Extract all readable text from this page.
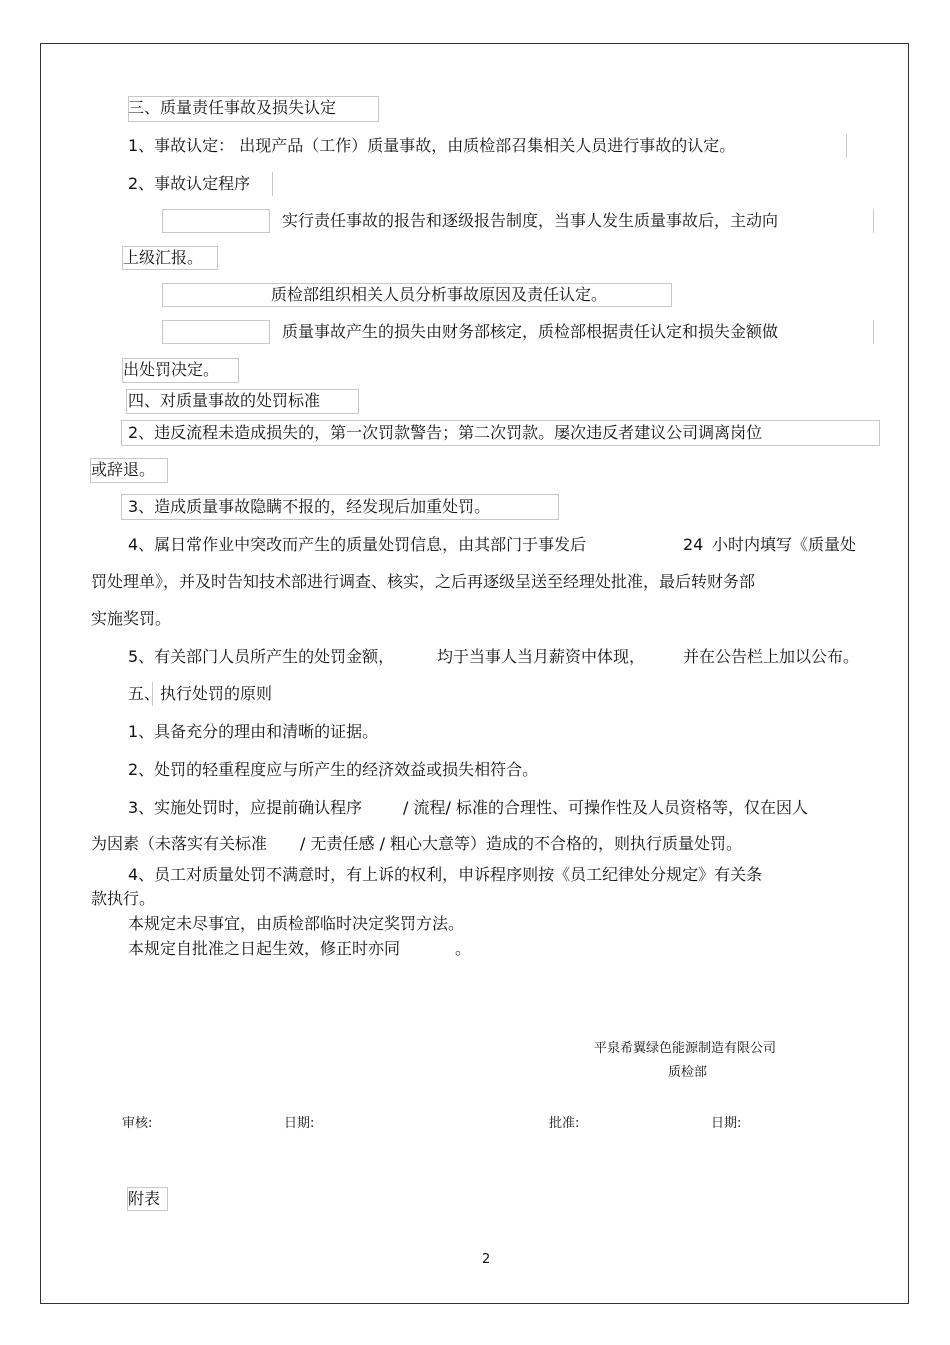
三、质量责任事故及损失认定
1、事故认定： 出现产品（工作）质量事故，由质检部召集相关人员进行事故的认定。
2、事故认定程序
实行责任事故的报告和逐级报告制度，当事人发生质量事故后，主动向
上级汇报。
质检部组织相关人员分析事故原因及责任认定。
质量事故产生的损失由财务部核定，质检部根据责任认定和损失金额做
出处罚决定。
四、对质量事故的处罚标准
2、违反流程未造成损失的，第一次罚款警告；第二次罚款。屡次违反者建议公司调离岗位
或辞退。
3、造成质量事故隐瞒不报的，经发现后加重处罚。
4、属日常作业中突改而产生的质量处罚信息，由其部门于事发后	24 小时内填写《质量处
罚处理单》，并及时告知技术部进行调查、核实，之后再逐级呈送至经理处批准，最后转财务部
实施奖罚。
5、有关部门人员所产生的处罚金额，	均于当事人当月薪资中体现， 并在公告栏上加以公布。
五、执行处罚的原则
1、具备充分的理由和清晰的证据。
2、处罚的轻重程度应与所产生的经济效益或损失相符合。
3、实施处罚时，应提前确认程序	/ 流程/ 标准的合理性、可操作性及人员资格等，仅在因人
为因素（未落实有关标准 / 无责任感 / 粗心大意等）造成的不合格的，则执行质量处罚。
4、员工对质量处罚不满意时，有上诉的权利，申诉程序则按《员工纪律处分规定》有关条
款执行。
本规定未尽事宜，由质检部临时决定奖罚方法。
本规定自批准之日起生效，修正时亦同	。
平泉希翼绿色能源制造有限公司
质检部
审核:	日期:	批准:	日期:
附表
2
